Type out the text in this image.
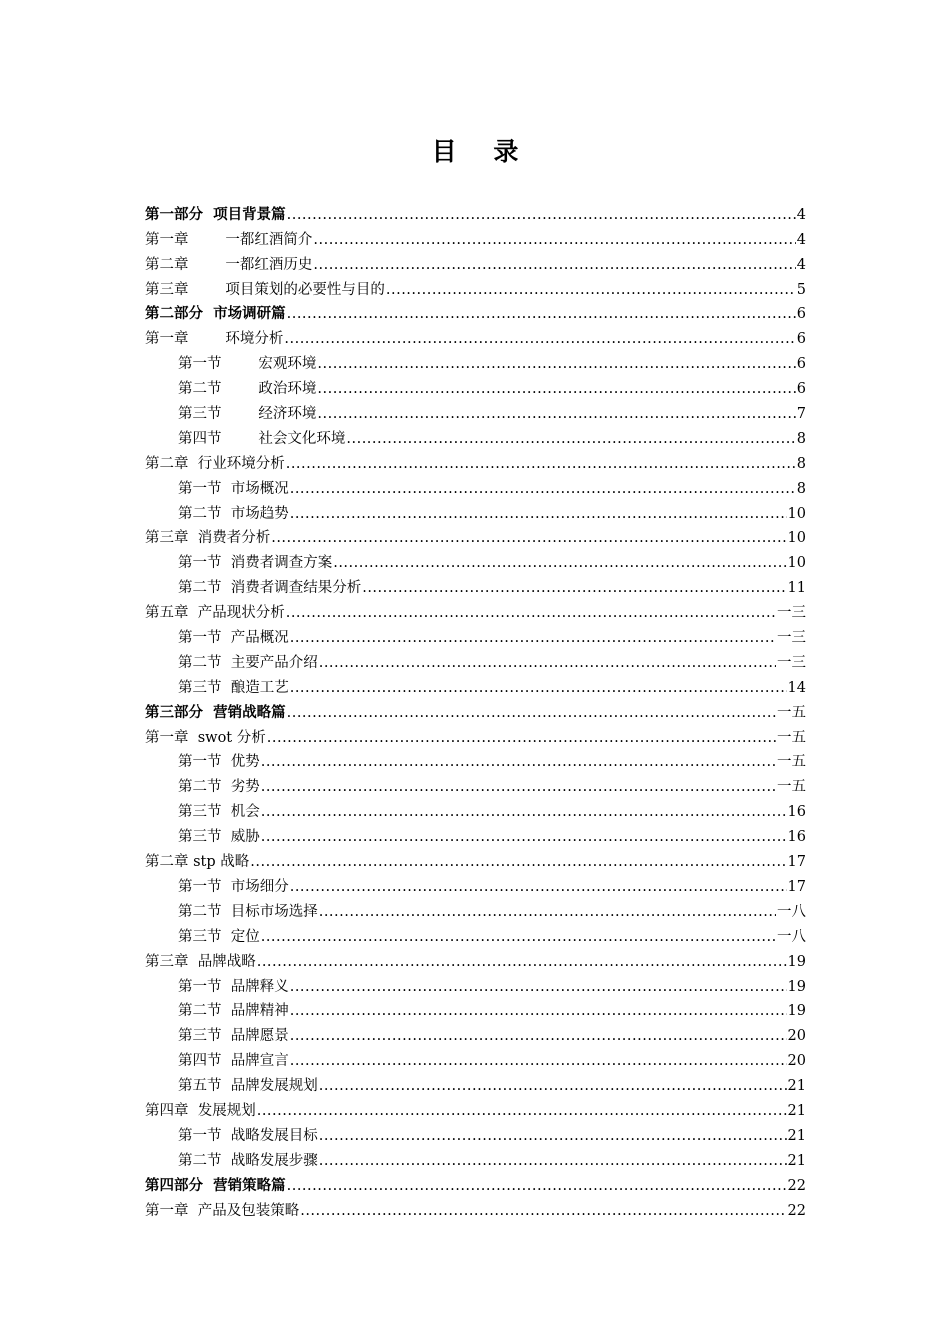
目 录
第一部分  项目背景篇 .....	4
第一章        一都红酒简介 .....	4
第二章        一都红酒历史 .....	4
第三章        项目策划的必要性与目的 .....	5
第二部分  市场调研篇 .....	6
第一章        环境分析 .....	6
第一节        宏观环境 .....	6
第二节        政治环境 .....	6
第三节        经济环境 .....	7
第四节        社会文化环境 .....	8
第二章  行业环境分析 .....	8
第一节  市场概况 .....	8
第二节  市场趋势 .....	10
第三章  消费者分析 .....	10
第一节  消费者调查方案 .....	10
第二节  消费者调查结果分析 .....	11
第五章  产品现状分析 .....	一三
第一节  产品概况 .....	一三
第二节  主要产品介绍 .....	一三
第三节  酿造工艺 .....	14
第三部分  营销战略篇 .....	一五
第一章  swot 分析 .....	一五
第一节  优势 .....	一五
第二节  劣势 .....	一五
第三节  机会 .....	16
第三节  威胁 .....	16
第二章 stp 战略 .....	17
第一节  市场细分 .....	17
第二节  目标市场选择 .....	一八
第三节  定位 .....	一八
第三章  品牌战略 .....	19
第一节  品牌释义 .....	19
第二节  品牌精神 .....	19
第三节  品牌愿景 .....	20
第四节  品牌宣言 .....	20
第五节  品牌发展规划 .....	21
第四章  发展规划 .....	21
第一节  战略发展目标 .....	21
第二节  战略发展步骤 .....	21
第四部分  营销策略篇 .....	22
第一章  产品及包装策略 .....	22
